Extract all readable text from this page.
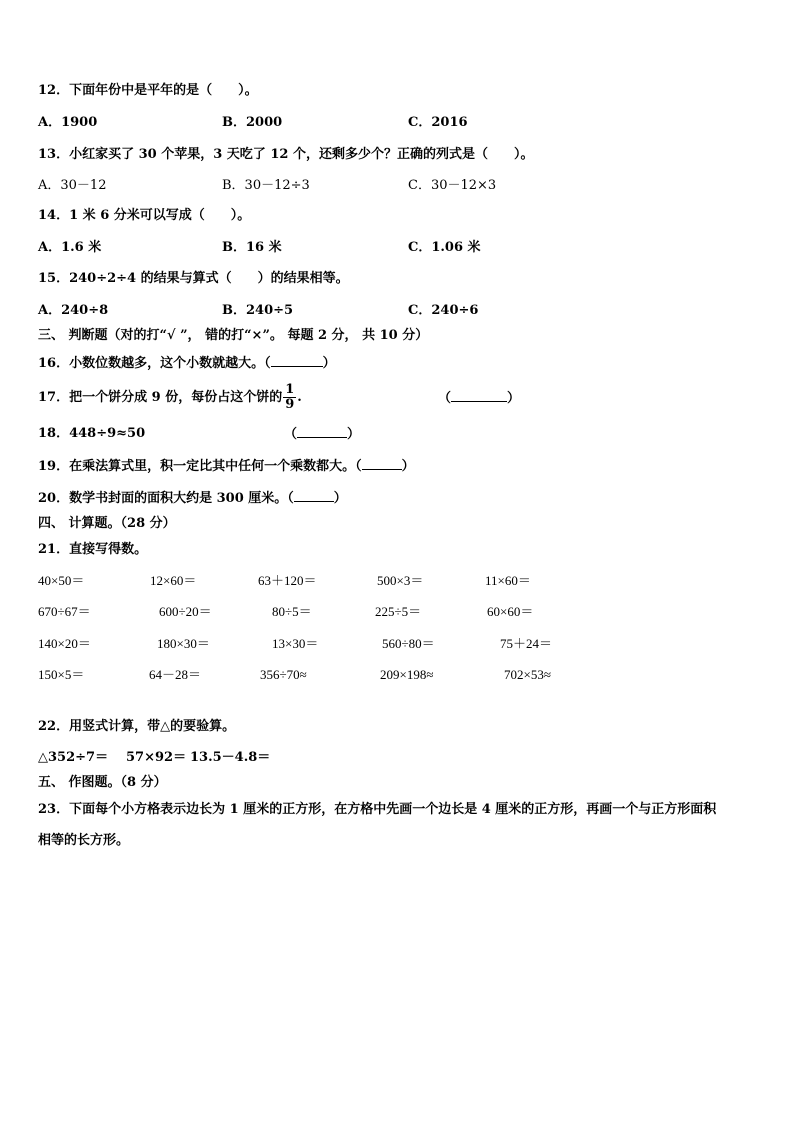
12．下面年份中是平年的是（　　）。
A．1900	B．2000	C．2016
13．小红家买了 30 个苹果，3 天吃了 12 个，还剩多少个？正确的列式是（　　）。
A．30－12	B．30－12÷3	C．30－12×3
14．1 米 6 分米可以写成（　　）。
A．1.6 米	B．16 米	C．1.06 米
15．240÷2÷4 的结果与算式（　　）的结果相等。
A．240÷8	B．240÷5	C．240÷6
三、 判断题（对的打“√ ”， 错的打“×”。 每题 2 分， 共 10 分）
16．小数位数越多，这个小数就越大。（	）
17．把一个饼分成 9 份，每份占这个饼的 $\frac{1}{9}$ .	（	）
18．448÷9≈50	（	）
19．在乘法算式里，积一定比其中任何一个乘数都大。（	）
20．数学书封面的面积大约是 300 厘米。（	）
四、 计算题。（28 分）
21．直接写得数。
40×50＝	12×60＝	63＋120＝	500×3＝	11×60＝
670÷67＝	600÷20＝	80÷5＝	225÷5＝	60×60＝
140×20＝	180×30＝	13×30＝	560÷80＝	75＋24＝
150×5＝	64－28＝	356÷70≈	209×198≈	702×53≈
22．用竖式计算，带△的要验算。
△352÷7＝ 57×92＝ 13.5－4.8＝
五、 作图题。（8 分）
23．下面每个小方格表示边长为 1 厘米的正方形，在方格中先画一个边长是 4 厘米的正方形，再画一个与正方形面积
相等的长方形。
